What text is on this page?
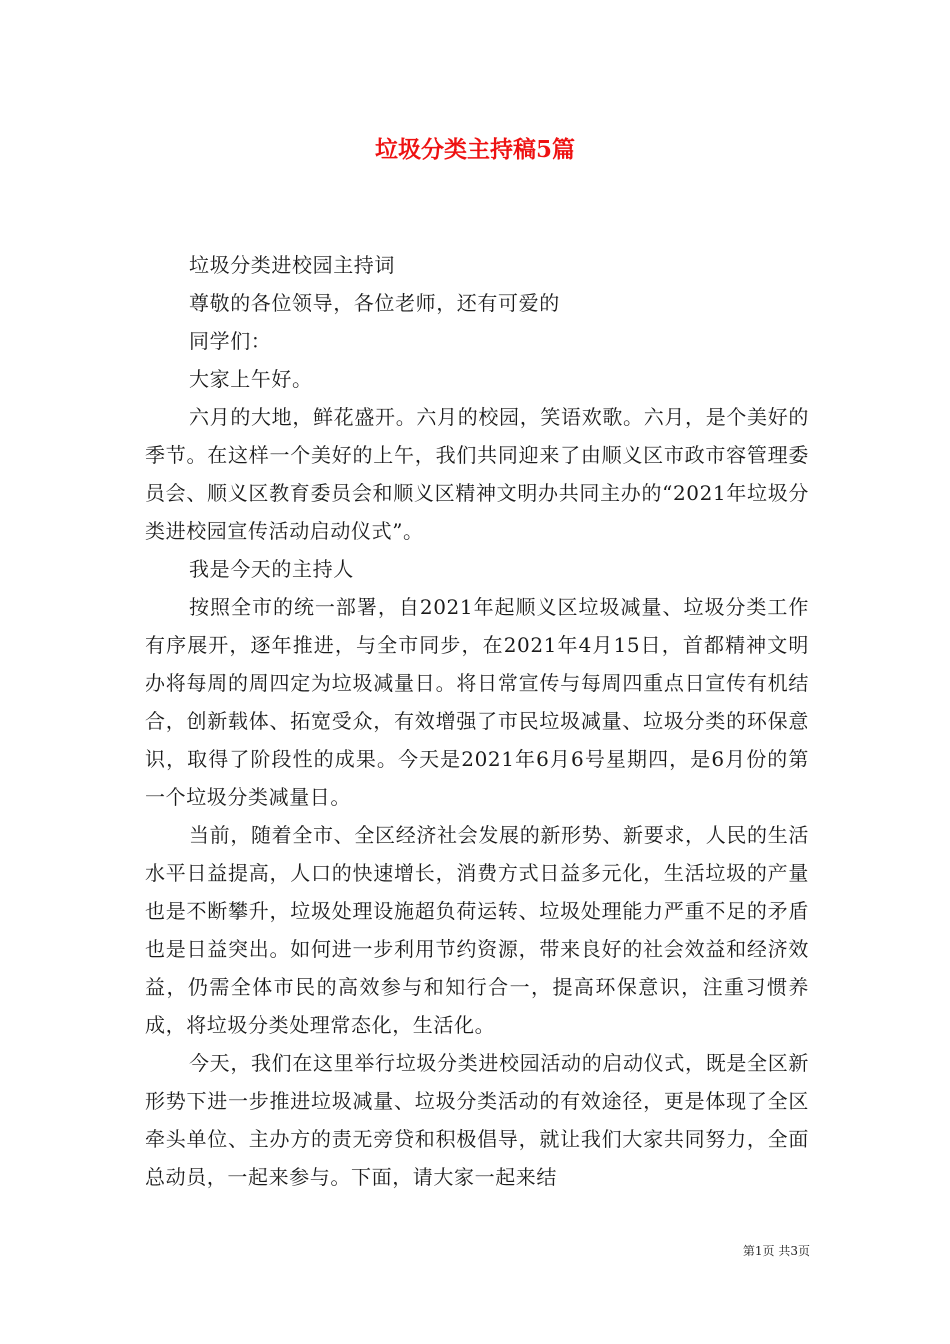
垃圾分类主持稿5篇

垃圾分类进校园主持词

尊敬的各位领导，各位老师，还有可爱的

同学们：

大家上午好。

六月的大地，鲜花盛开。六月的校园，笑语欢歌。六月，是个美好的季节。在这样一个美好的上午，我们共同迎来了由顺义区市政市容管理委员会、顺义区教育委员会和顺义区精神文明办共同主办的“2021年垃圾分类进校园宣传活动启动仪式”。

我是今天的主持人

按照全市的统一部署，自2021年起顺义区垃圾减量、垃圾分类工作有序展开，逐年推进，与全市同步，在2021年4月15日，首都精神文明办将每周的周四定为垃圾减量日。将日常宣传与每周四重点日宣传有机结合，创新载体、拓宽受众，有效增强了市民垃圾减量、垃圾分类的环保意识，取得了阶段性的成果。今天是2021年6月6号星期四，是6月份的第一个垃圾分类减量日。

当前，随着全市、全区经济社会发展的新形势、新要求，人民的生活水平日益提高，人口的快速增长，消费方式日益多元化，生活垃圾的产量也是不断攀升，垃圾处理设施超负荷运转、垃圾处理能力严重不足的矛盾也是日益突出。如何进一步利用节约资源，带来良好的社会效益和经济效益，仍需全体市民的高效参与和知行合一，提高环保意识，注重习惯养成，将垃圾分类处理常态化，生活化。

今天，我们在这里举行垃圾分类进校园活动的启动仪式，既是全区新形势下进一步推进垃圾减量、垃圾分类活动的有效途径，更是体现了全区牵头单位、主办方的责无旁贷和积极倡导，就让我们大家共同努力，全面总动员，一起来参与。下面，请大家一起来结

第1页 共3页
